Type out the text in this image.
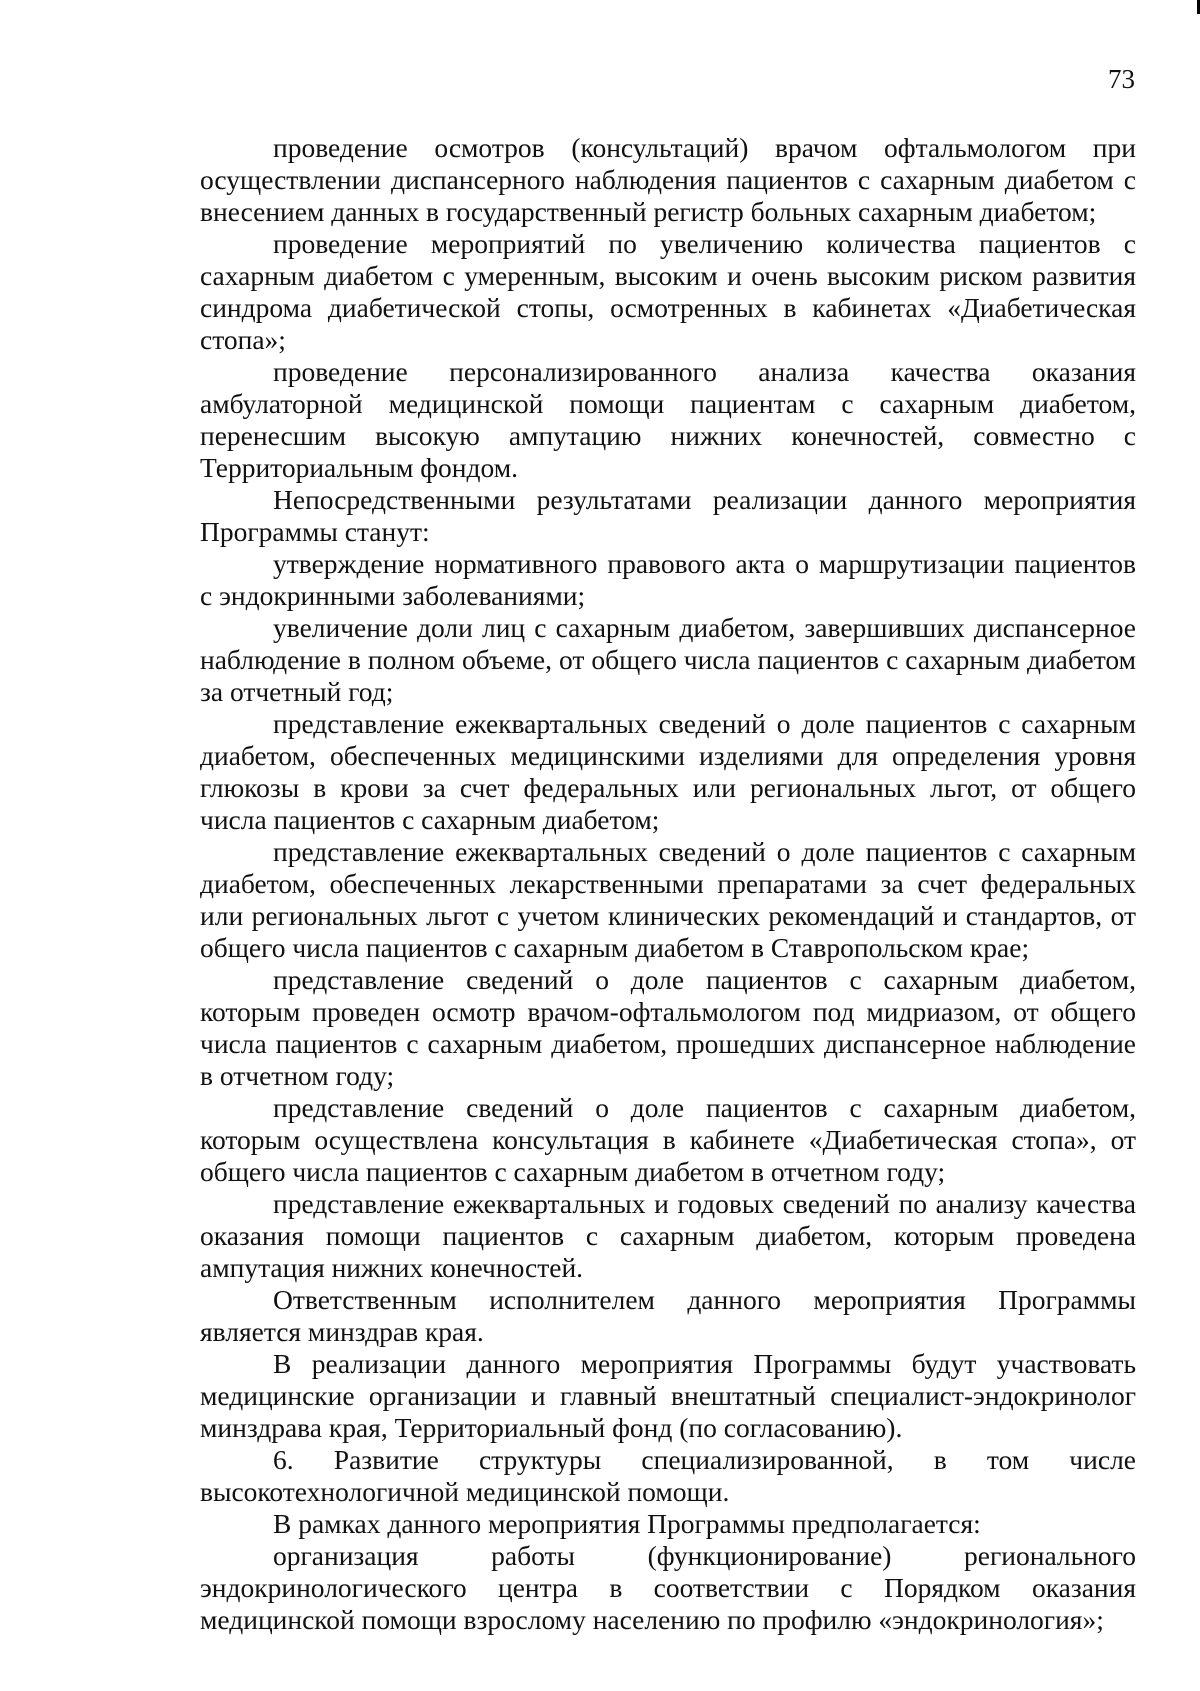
73

проведение осмотров (консультаций) врачом офтальмологом при осуществлении диспансерного наблюдения пациентов с сахарным диабетом с внесением данных в государственный регистр больных сахарным диабетом;

проведение мероприятий по увеличению количества пациентов с сахарным диабетом с умеренным, высоким и очень высоким риском развития синдрома диабетической стопы, осмотренных в кабинетах «Диабетическая стопа»;

проведение персонализированного анализа качества оказания амбулаторной медицинской помощи пациентам с сахарным диабетом, перенесшим высокую ампутацию нижних конечностей, совместно с Территориальным фондом.

Непосредственными результатами реализации данного мероприятия Программы станут:

утверждение нормативного правового акта о маршрутизации пациентов с эндокринными заболеваниями;

увеличение доли лиц с сахарным диабетом, завершивших диспансерное наблюдение в полном объеме, от общего числа пациентов с сахарным диабетом за отчетный год;

представление ежеквартальных сведений о доле пациентов с сахарным диабетом, обеспеченных медицинскими изделиями для определения уровня глюкозы в крови за счет федеральных или региональных льгот, от общего числа пациентов с сахарным диабетом;

представление ежеквартальных сведений о доле пациентов с сахарным диабетом, обеспеченных лекарственными препаратами за счет федеральных или региональных льгот с учетом клинических рекомендаций и стандартов, от общего числа пациентов с сахарным диабетом в Ставропольском крае;

представление сведений о доле пациентов с сахарным диабетом, которым проведен осмотр врачом-офтальмологом под мидриазом, от общего числа пациентов с сахарным диабетом, прошедших диспансерное наблюдение в отчетном году;

представление сведений о доле пациентов с сахарным диабетом, которым осуществлена консультация в кабинете «Диабетическая стопа», от общего числа пациентов с сахарным диабетом в отчетном году;

представление ежеквартальных и годовых сведений по анализу качества оказания помощи пациентов с сахарным диабетом, которым проведена ампутация нижних конечностей.

Ответственным исполнителем данного мероприятия Программы является минздрав края.

В реализации данного мероприятия Программы будут участвовать медицинские организации и главный внештатный специалист-эндокринолог минздрава края, Территориальный фонд (по согласованию).

6. Развитие структуры специализированной, в том числе высокотехнологичной медицинской помощи.

В рамках данного мероприятия Программы предполагается:

организация работы (функционирование) регионального эндокринологического центра в соответствии с Порядком оказания медицинской помощи взрослому населению по профилю «эндокринология»;
